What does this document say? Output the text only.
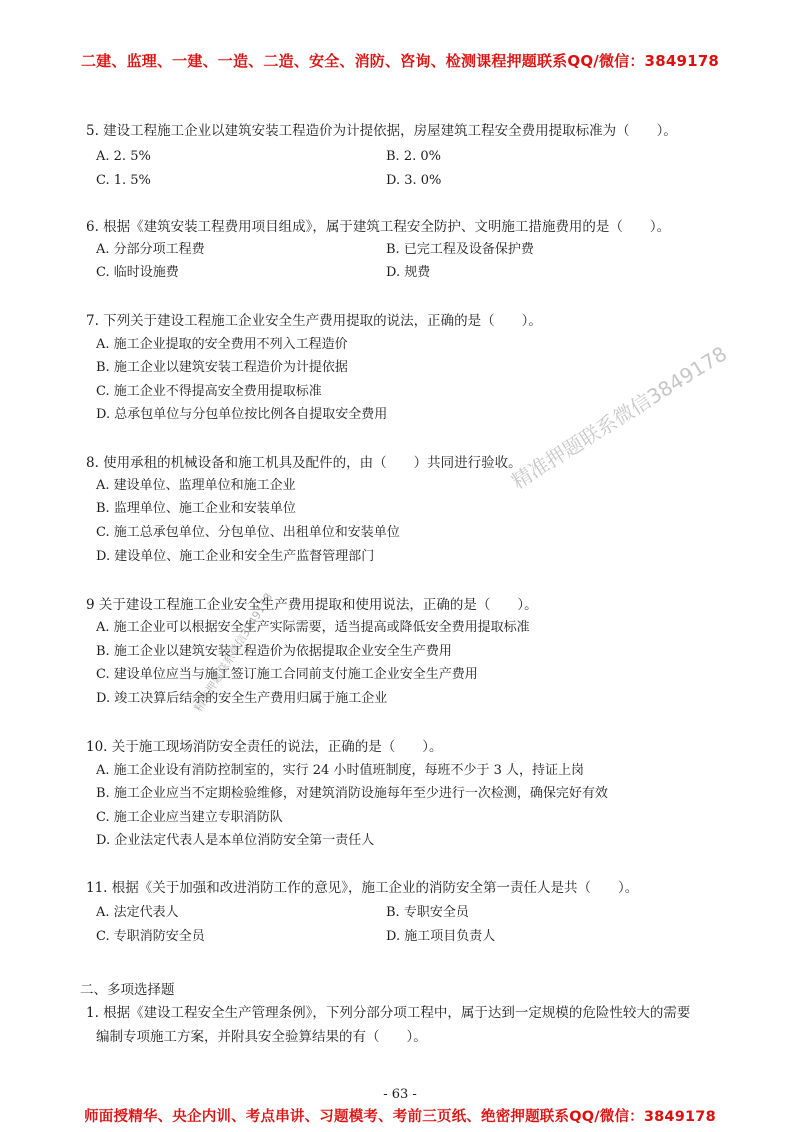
二建、监理、一建、一造、二造、安全、消防、咨询、检测课程押题联系QQ/微信：3849178
5. 建设工程施工企业以建筑安装工程造价为计提依据，房屋建筑工程安全费用提取标准为（　　）。
A. 2. 5%	B. 2. 0%
C. 1. 5%	D. 3. 0%
6. 根据《建筑安装工程费用项目组成》，属于建筑工程安全防护、文明施工措施费用的是（　　）。
A. 分部分项工程费	B. 已完工程及设备保护费
C. 临时设施费	D. 规费
7. 下列关于建设工程施工企业安全生产费用提取的说法，正确的是（　　）。
A. 施工企业提取的安全费用不列入工程造价
B. 施工企业以建筑安装工程造价为计提依据
C. 施工企业不得提高安全费用提取标准
D. 总承包单位与分包单位按比例各自提取安全费用
8. 使用承租的机械设备和施工机具及配件的，由（　　）共同进行验收。
A. 建设单位、监理单位和施工企业
B. 监理单位、施工企业和安装单位
C. 施工总承包单位、分包单位、出租单位和安装单位
D. 建设单位、施工企业和安全生产监督管理部门
9 关于建设工程施工企业安全生产费用提取和使用说法，正确的是（　　）。
A. 施工企业可以根据安全生产实际需要，适当提高或降低安全费用提取标准
B. 施工企业以建筑安装工程造价为依据提取企业安全生产费用
C. 建设单位应当与施工签订施工合同前支付施工企业安全生产费用
D. 竣工决算后结余的安全生产费用归属于施工企业
10. 关于施工现场消防安全责任的说法，正确的是（　　）。
A. 施工企业设有消防控制室的，实行 24 小时值班制度，每班不少于 3 人，持证上岗
B. 施工企业应当不定期检验维修，对建筑消防设施每年至少进行一次检测，确保完好有效
C. 施工企业应当建立专职消防队
D. 企业法定代表人是本单位消防安全第一责任人
11. 根据《关于加强和改进消防工作的意见》，施工企业的消防安全第一责任人是共（　　）。
A. 法定代表人	B. 专职安全员
C. 专职消防安全员	D. 施工项目负责人
二、多项选择题
1. 根据《建设工程安全生产管理条例》，下列分部分项工程中，属于达到一定规模的危险性较大的需要
编制专项施工方案，并附具安全验算结果的有（　　）。
- 63 -
师面授精华、央企内训、考点串讲、习题模考、考前三页纸、绝密押题联系QQ/微信：3849178
精准押题联系微信3849178
精准押题联系微信3849178
